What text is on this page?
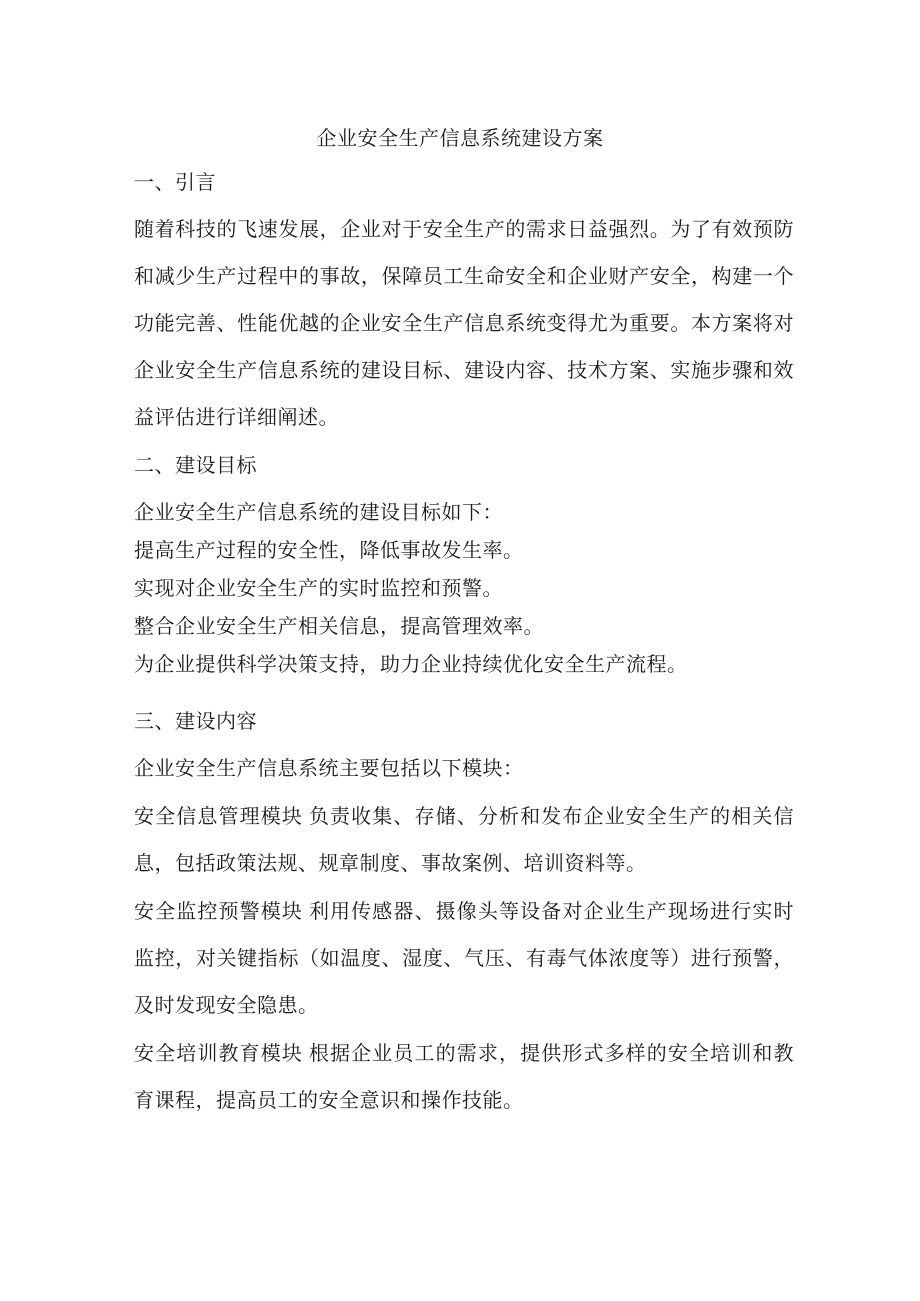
企业安全生产信息系统建设方案
一、引言
随着科技的飞速发展，企业对于安全生产的需求日益强烈。为了有效预防和减少生产过程中的事故，保障员工生命安全和企业财产安全，构建一个功能完善、性能优越的企业安全生产信息系统变得尤为重要。本方案将对企业安全生产信息系统的建设目标、建设内容、技术方案、实施步骤和效益评估进行详细阐述。
二、建设目标
企业安全生产信息系统的建设目标如下：
提高生产过程的安全性，降低事故发生率。
实现对企业安全生产的实时监控和预警。
整合企业安全生产相关信息，提高管理效率。
为企业提供科学决策支持，助力企业持续优化安全生产流程。
三、建设内容
企业安全生产信息系统主要包括以下模块：
安全信息管理模块 负责收集、存储、分析和发布企业安全生产的相关信息，包括政策法规、规章制度、事故案例、培训资料等。
安全监控预警模块 利用传感器、摄像头等设备对企业生产现场进行实时监控，对关键指标（如温度、湿度、气压、有毒气体浓度等）进行预警，及时发现安全隐患。
安全培训教育模块 根据企业员工的需求，提供形式多样的安全培训和教育课程，提高员工的安全意识和操作技能。
